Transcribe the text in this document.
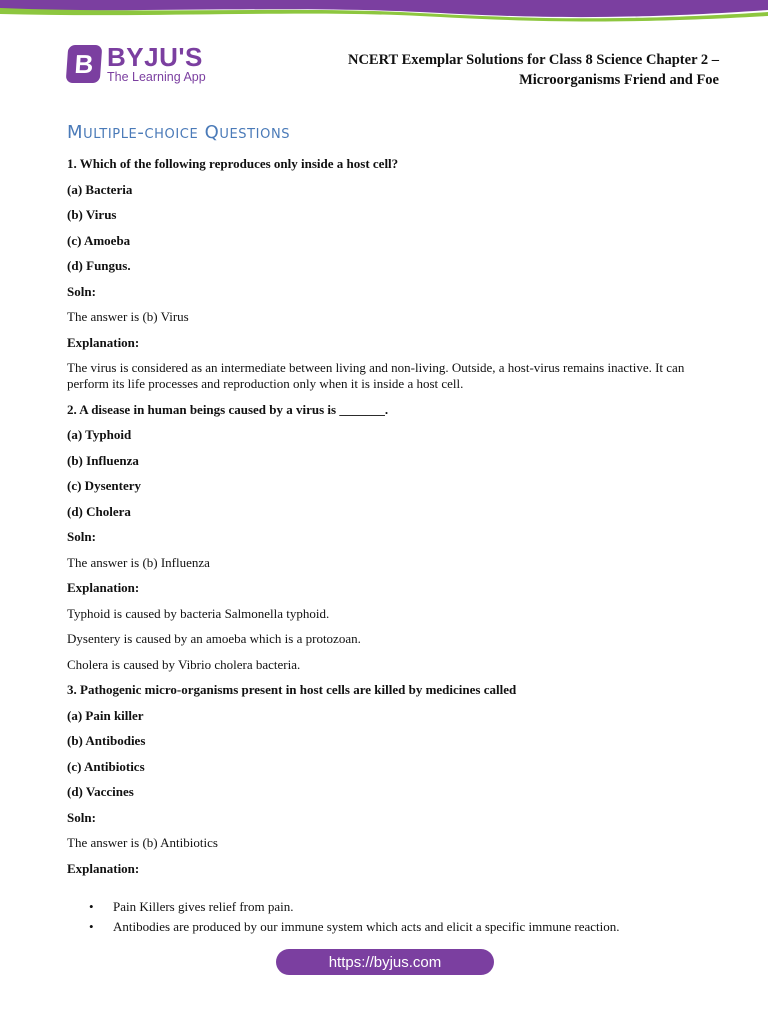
B BYJU'S
The Learning App
NCERT Exemplar Solutions for Class 8 Science Chapter 2 –
Microorganisms Friend and Foe
Multiple-choice Questions
1. Which of the following reproduces only inside a host cell?
(a) Bacteria
(b) Virus
(c) Amoeba
(d) Fungus.
Soln:
The answer is (b) Virus
Explanation:
The virus is considered as an intermediate between living and non-living. Outside, a host-virus remains inactive. It can perform its life processes and reproduction only when it is inside a host cell.
2. A disease in human beings caused by a virus is _______.
(a) Typhoid
(b) Influenza
(c) Dysentery
(d) Cholera
Soln:
The answer is (b) Influenza
Explanation:
Typhoid is caused by bacteria Salmonella typhoid.
Dysentery is caused by an amoeba which is a protozoan.
Cholera is caused by Vibrio cholera bacteria.
3. Pathogenic micro-organisms present in host cells are killed by medicines called
(a) Pain killer
(b) Antibodies
(c) Antibiotics
(d) Vaccines
Soln:
The answer is (b) Antibiotics
Explanation:
• Pain Killers gives relief from pain.
• Antibodies are produced by our immune system which acts and elicit a specific immune reaction.
https://byjus.com
